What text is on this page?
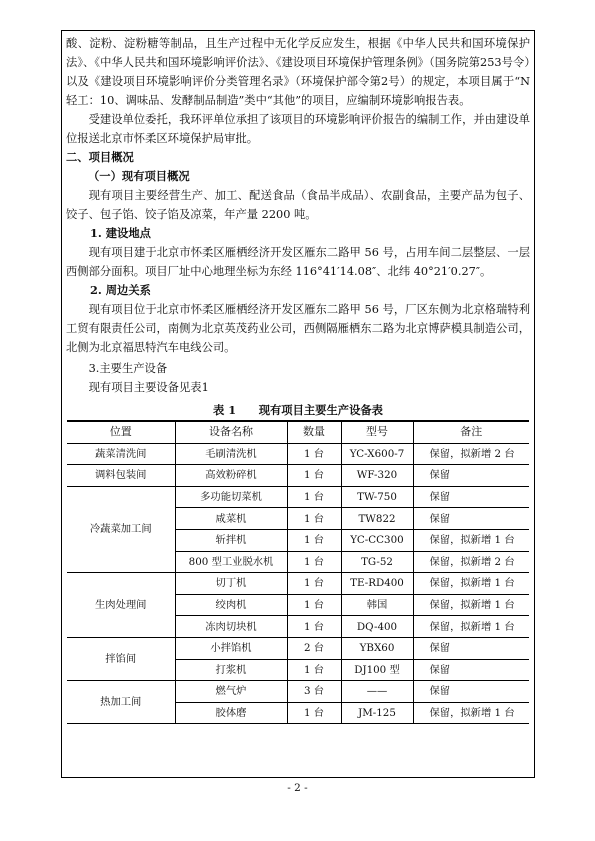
酸、淀粉、淀粉糖等制品，且生产过程中无化学反应发生，根据《中华人民共和国环境保护法》、《中华人民共和国环境影响评价法》、《建设项目环境保护管理条例》（国务院第253号令）以及《建设项目环境影响评价分类管理名录》（环境保护部令第2号）的规定，本项目属于“N 轻工：10、调味品、发酵制品制造”类中“其他”的项目，应编制环境影响报告表。

受建设单位委托，我环评单位承担了该项目的环境影响评价报告的编制工作，并由建设单位报送北京市怀柔区环境保护局审批。

二、项目概况

（一）现有项目概况

现有项目主要经营生产、加工、配送食品（食品半成品）、农副食品，主要产品为包子、饺子、包子馅、饺子馅及凉菜，年产量 2200 吨。

1. 建设地点

现有项目建于北京市怀柔区雁栖经济开发区雁东二路甲 56 号，占用车间二层整层、一层西侧部分面积。项目厂址中心地理坐标为东经 116°41′14.08″、北纬 40°21′0.27″。

2. 周边关系

现有项目位于北京市怀柔区雁栖经济开发区雁东二路甲 56 号，厂区东侧为北京格瑞特利工贸有限责任公司，南侧为北京英茂药业公司，西侧隔雁栖东二路为北京博萨模具制造公司，北侧为北京福思特汽车电线公司。

3.主要生产设备

现有项目主要设备见表1

表 1　　现有项目主要生产设备表

位置	设备名称	数量	型号	备注
蔬菜清洗间	毛刷清洗机	1 台	YC-X600-7	保留，拟新增 2 台
调料包装间	高效粉碎机	1 台	WF-320	保留
冷蔬菜加工间	多功能切菜机	1 台	TW-750	保留
	咸菜机	1 台	TW822	保留
	斩拌机	1 台	YC-CC300	保留，拟新增 1 台
	800 型工业脱水机	1 台	TG-52	保留，拟新增 2 台
生肉处理间	切丁机	1 台	TE-RD400	保留，拟新增 1 台
	绞肉机	1 台	韩国	保留，拟新增 1 台
	冻肉切块机	1 台	DQ-400	保留，拟新增 1 台
拌馅间	小拌馅机	2 台	YBX60	保留
	打浆机	1 台	DJ100 型	保留
热加工间	燃气炉	3 台	——	保留
	胶体磨	1 台	JM-125	保留，拟新增 1 台
- 2 -
